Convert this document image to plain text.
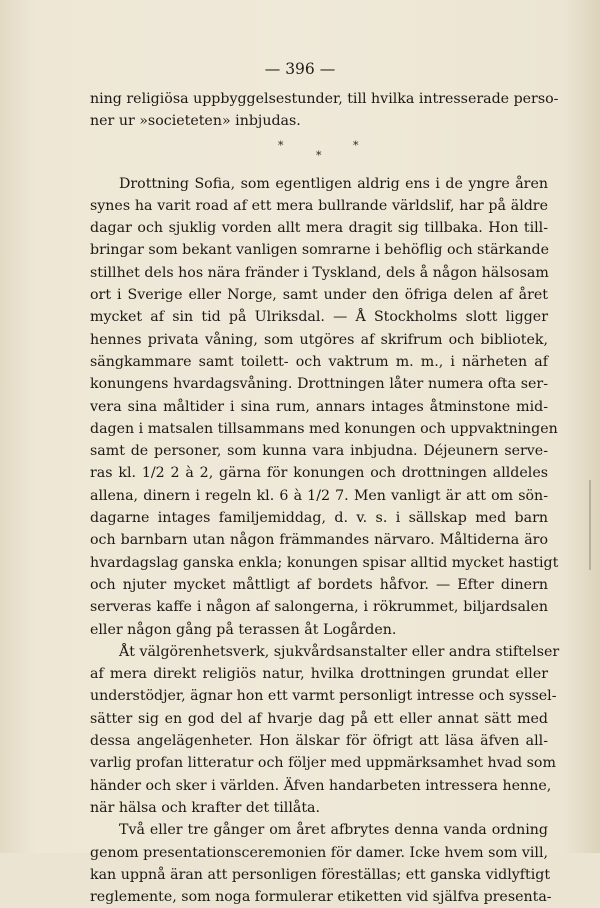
— 396 —
ning religiösa uppbyggelsestunder, till hvilka intresserade perso-
ner ur »societeten» inbjudas.
*	*
*
Drottning Sofia, som egentligen aldrig ens i de yngre åren
synes ha varit road af ett mera bullrande världslif, har på äldre
dagar och sjuklig vorden allt mera dragit sig tillbaka. Hon till-
bringar som bekant vanligen somrarne i behöflig och stärkande
stillhet dels hos nära fränder i Tyskland, dels å någon hälsosam
ort i Sverige eller Norge, samt under den öfriga delen af året
mycket af sin tid på Ulriksdal. — Å Stockholms slott ligger
hennes privata våning, som utgöres af skrifrum och bibliotek,
sängkammare samt toilett- och vaktrum m. m., i närheten af
konungens hvardagsvåning. Drottningen låter numera ofta ser-
vera sina måltider i sina rum, annars intages åtminstone mid-
dagen i matsalen tillsammans med konungen och uppvaktningen
samt de personer, som kunna vara inbjudna. Déjeunern serve-
ras kl. 1/2 2 à 2, gärna för konungen och drottningen alldeles
allena, dinern i regeln kl. 6 à 1/2 7. Men vanligt är att om sön-
dagarne intages familjemiddag, d. v. s. i sällskap med barn
och barnbarn utan någon främmandes närvaro. Måltiderna äro
hvardagslag ganska enkla; konungen spisar alltid mycket hastigt
och njuter mycket måttligt af bordets håfvor. — Efter dinern
serveras kaffe i någon af salongerna, i rökrummet, biljardsalen
eller någon gång på terassen åt Logården.
Åt välgörenhetsverk, sjukvårdsanstalter eller andra stiftelser
af mera direkt religiös natur, hvilka drottningen grundat eller
understödjer, ägnar hon ett varmt personligt intresse och syssel-
sätter sig en god del af hvarje dag på ett eller annat sätt med
dessa angelägenheter. Hon älskar för öfrigt att läsa äfven all-
varlig profan litteratur och följer med uppmärksamhet hvad som
händer och sker i världen. Äfven handarbeten intressera henne,
när hälsa och krafter det tillåta.
Två eller tre gånger om året afbrytes denna vanda ordning
genom presentationsceremonien för damer. Icke hvem som vill,
kan uppnå äran att personligen föreställas; ett ganska vidlyftigt
reglemente, som noga formulerar etiketten vid själfva presenta-
